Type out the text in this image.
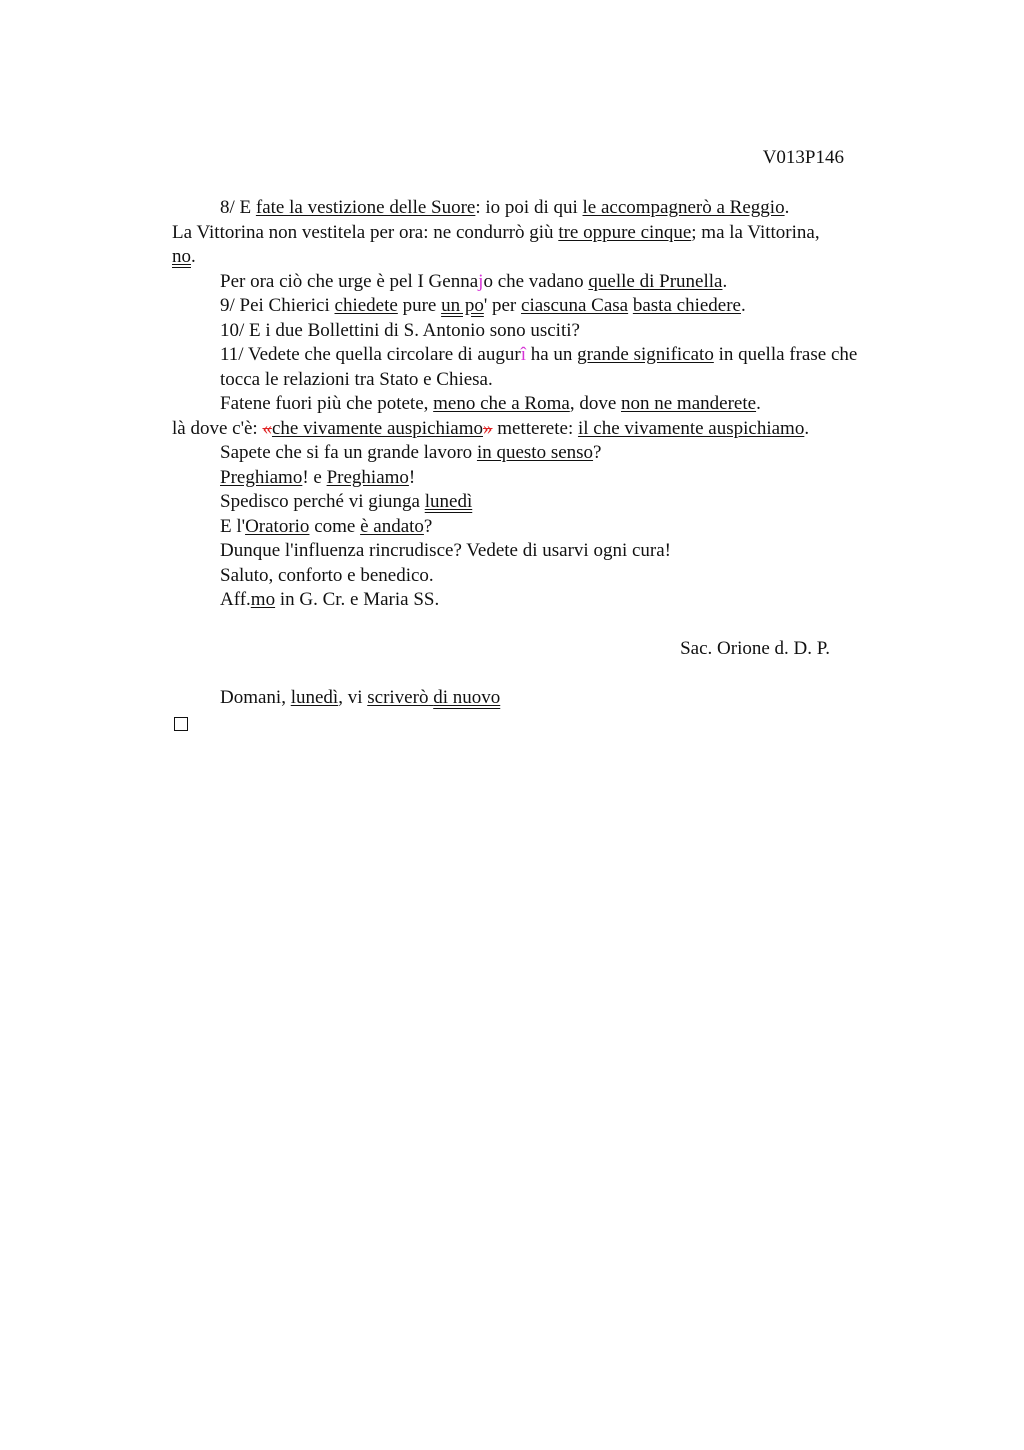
V013P146

8/ E fate la vestizione delle Suore: io poi di qui le accompagnerò a Reggio.

La Vittorina non vestitela per ora: ne condurrò giù tre oppure cinque; ma la Vittorina,

no.

Per ora ciò che urge è pel I Gennajo che vadano quelle di Prunella.

9/ Pei Chierici chiedete pure un po' per ciascuna Casa basta chiedere.

10/ E i due Bollettini di S. Antonio sono usciti?

11/ Vedete che quella circolare di augurî ha un grande significato in quella frase che tocca le relazioni tra Stato e Chiesa.

Fatene fuori più che potete, meno che a Roma, dove non ne manderete.

là dove c'è: «che vivamente auspichiamo» metterete: il che vivamente auspichiamo.

Sapete che si fa un grande lavoro in questo senso?

Preghiamo! e Preghiamo!

Spedisco perché vi giunga lunedì

E l'Oratorio come è andato?

Dunque l'influenza rincrudisce? Vedete di usarvi ogni cura!

Saluto, conforto e benedico.

Aff.mo in G. Cr. e Maria SS.

Sac. Orione d. D. P.

Domani, lunedì, vi scriverò di nuovo
